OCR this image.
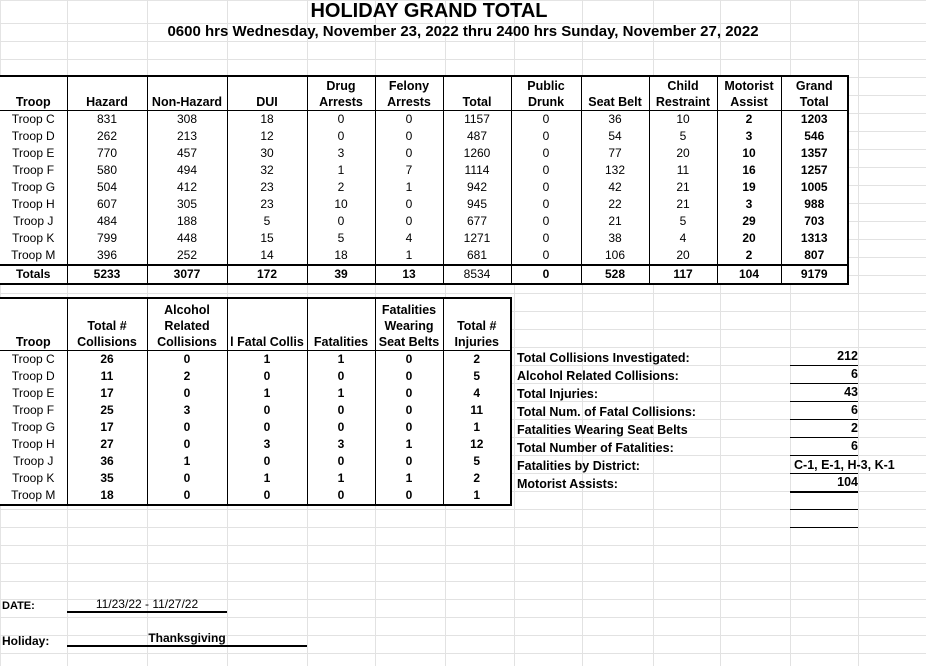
HOLIDAY GRAND TOTAL
0600 hrs Wednesday, November 23, 2022 thru 2400 hrs Sunday, November 27, 2022
Troop	Hazard	Non-Hazard	DUI	Drug Arrests	Felony Arrests	Total	Public Drunk	Seat Belt	Child Restraint	Motorist Assist	Grand Total
Troop C	831	308	18	0	0	1157	0	36	10	2	1203
Troop D	262	213	12	0	0	487	0	54	5	3	546
Troop E	770	457	30	3	0	1260	0	77	20	10	1357
Troop F	580	494	32	1	7	1114	0	132	11	16	1257
Troop G	504	412	23	2	1	942	0	42	21	19	1005
Troop H	607	305	23	10	0	945	0	22	21	3	988
Troop J	484	188	5	0	0	677	0	21	5	29	703
Troop K	799	448	15	5	4	1271	0	38	4	20	1313
Troop M	396	252	14	18	1	681	0	106	20	2	807
Totals	5233	3077	172	39	13	8534	0	528	117	104	9179
Troop	Total # Collisions	Alcohol Related Collisions	l Fatal Collis	Fatalities	Fatalities Wearing Seat Belts	Total # Injuries
Troop C	26	0	1	1	0	2
Troop D	11	2	0	0	0	5
Troop E	17	0	1	1	0	4
Troop F	25	3	0	0	0	11
Troop G	17	0	0	0	0	1
Troop H	27	0	3	3	1	12
Troop J	36	1	0	0	0	5
Troop K	35	0	1	1	1	2
Troop M	18	0	0	0	0	1
Total Collisions Investigated:	212
Alcohol Related Collisions:	6
Total Injuries:	43
Total Num. of Fatal Collisions:	6
Fatalities Wearing Seat Belts	2
Total Number of Fatalities:	6
Fatalities by District:	C-1, E-1, H-3, K-1
Motorist Assists:	104
DATE:	11/23/22 - 11/27/22
Holiday:	Thanksgiving
